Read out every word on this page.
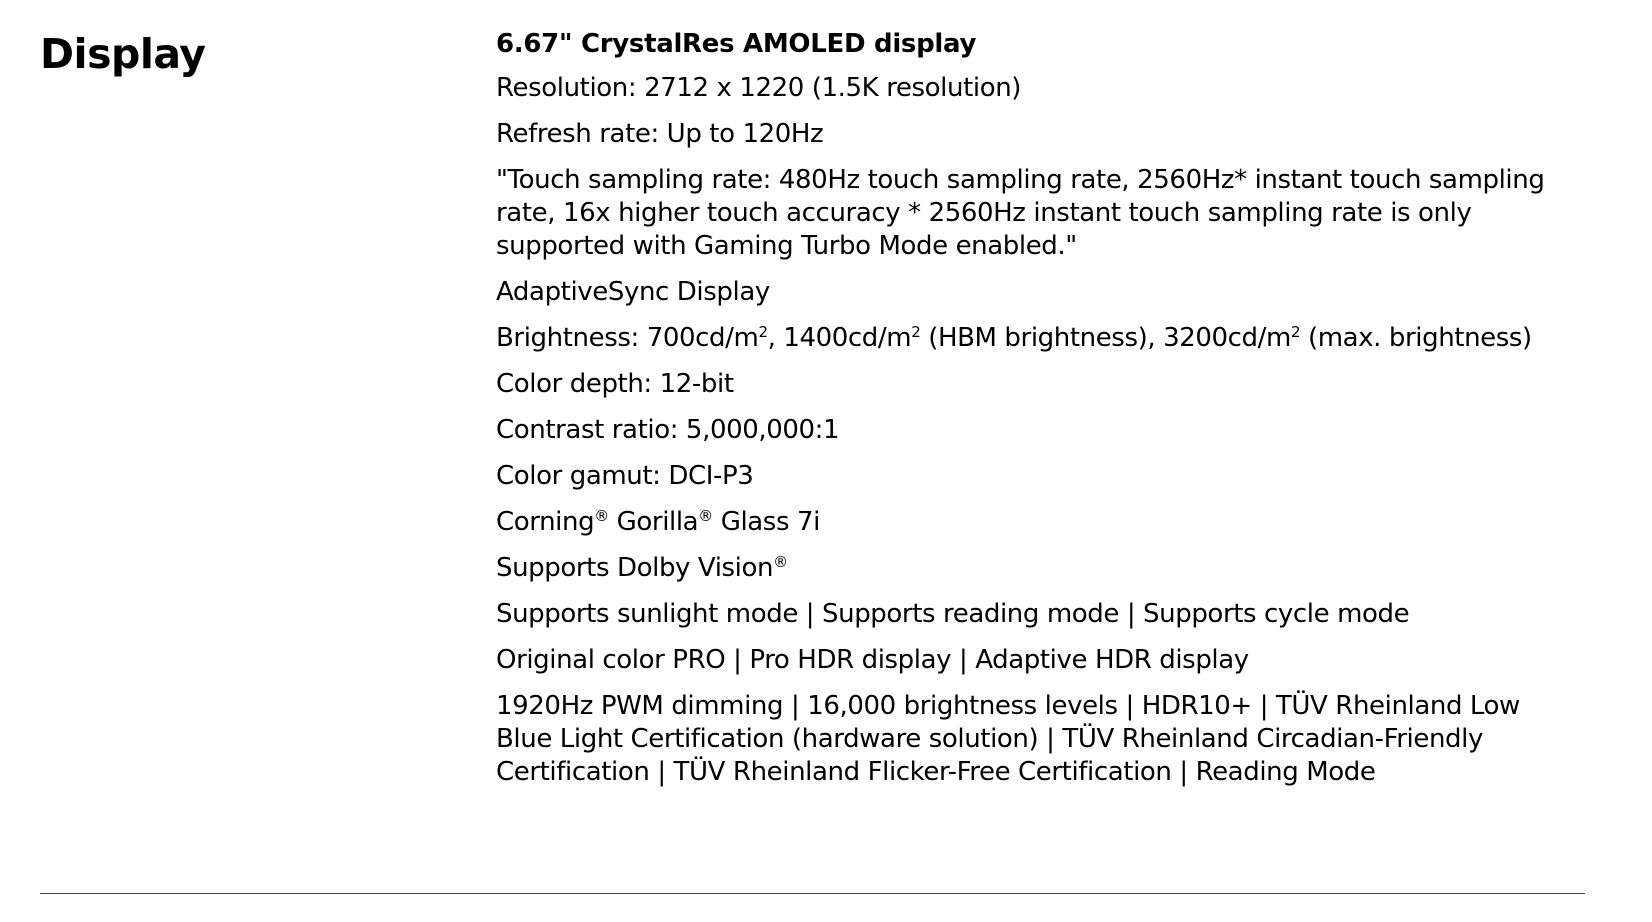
Display	6.67" CrystalRes AMOLED display
Resolution: 2712 x 1220 (1.5K resolution)
Refresh rate: Up to 120Hz
"Touch sampling rate: 480Hz touch sampling rate, 2560Hz* instant touch sampling rate, 16x higher touch accuracy * 2560Hz instant touch sampling rate is only supported with Gaming Turbo Mode enabled."
AdaptiveSync Display
Brightness: $700cd/m^2$, $1400cd/m^2$ (HBM brightness), $3200cd/m^2$ (max. brightness)
Color depth: 12-bit
Contrast ratio: 5,000,000:1
Color gamut: DCI-P3
Corning® Gorilla® Glass 7i
Supports Dolby Vision®
Supports sunlight mode | Supports reading mode | Supports cycle mode
Original color PRO | Pro HDR display | Adaptive HDR display
1920Hz PWM dimming | 16,000 brightness levels | HDR10+ | TÜV Rheinland Low Blue Light Certification (hardware solution) | TÜV Rheinland Circadian-Friendly Certification | TÜV Rheinland Flicker-Free Certification | Reading Mode
